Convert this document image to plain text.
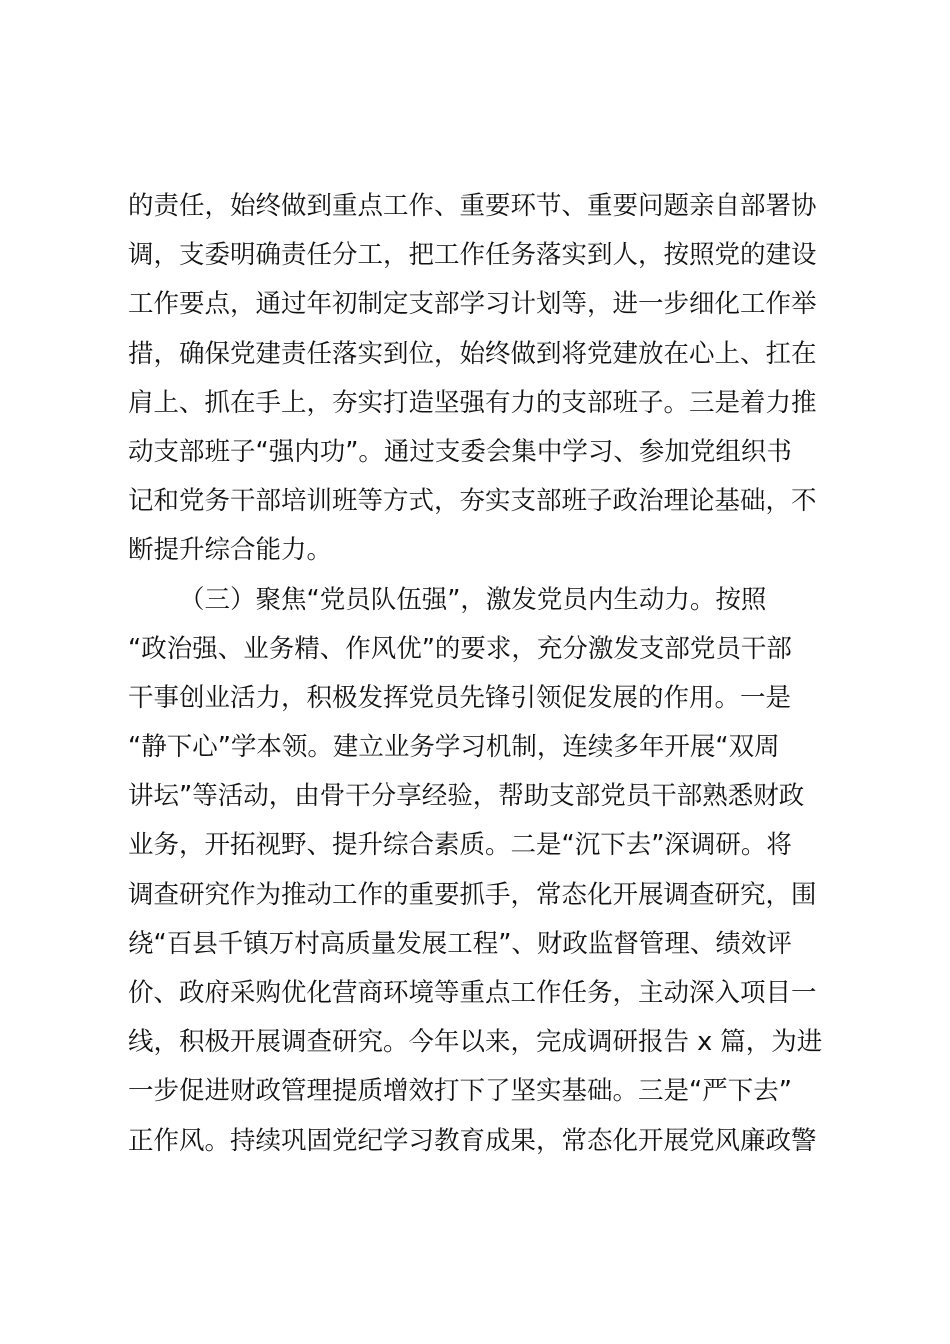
的责任，始终做到重点工作、重要环节、重要问题亲自部署协
调，支委明确责任分工，把工作任务落实到人，按照党的建设
工作要点，通过年初制定支部学习计划等，进一步细化工作举
措，确保党建责任落实到位，始终做到将党建放在心上、扛在
肩上、抓在手上，夯实打造坚强有力的支部班子。三是着力推
动支部班子“强内功”。通过支委会集中学习、参加党组织书
记和党务干部培训班等方式，夯实支部班子政治理论基础，不
断提升综合能力。
（三）聚焦“党员队伍强”，激发党员内生动力。按照
“政治强、业务精、作风优”的要求，充分激发支部党员干部
干事创业活力，积极发挥党员先锋引领促发展的作用。一是
“静下心”学本领。建立业务学习机制，连续多年开展“双周
讲坛”等活动，由骨干分享经验，帮助支部党员干部熟悉财政
业务，开拓视野、提升综合素质。二是“沉下去”深调研。将
调查研究作为推动工作的重要抓手，常态化开展调查研究，围
绕“百县千镇万村高质量发展工程”、财政监督管理、绩效评
价、政府采购优化营商环境等重点工作任务，主动深入项目一
线，积极开展调查研究。今年以来，完成调研报告 x 篇，为进
一步促进财政管理提质增效打下了坚实基础。三是“严下去”
正作风。持续巩固党纪学习教育成果，常态化开展党风廉政警
